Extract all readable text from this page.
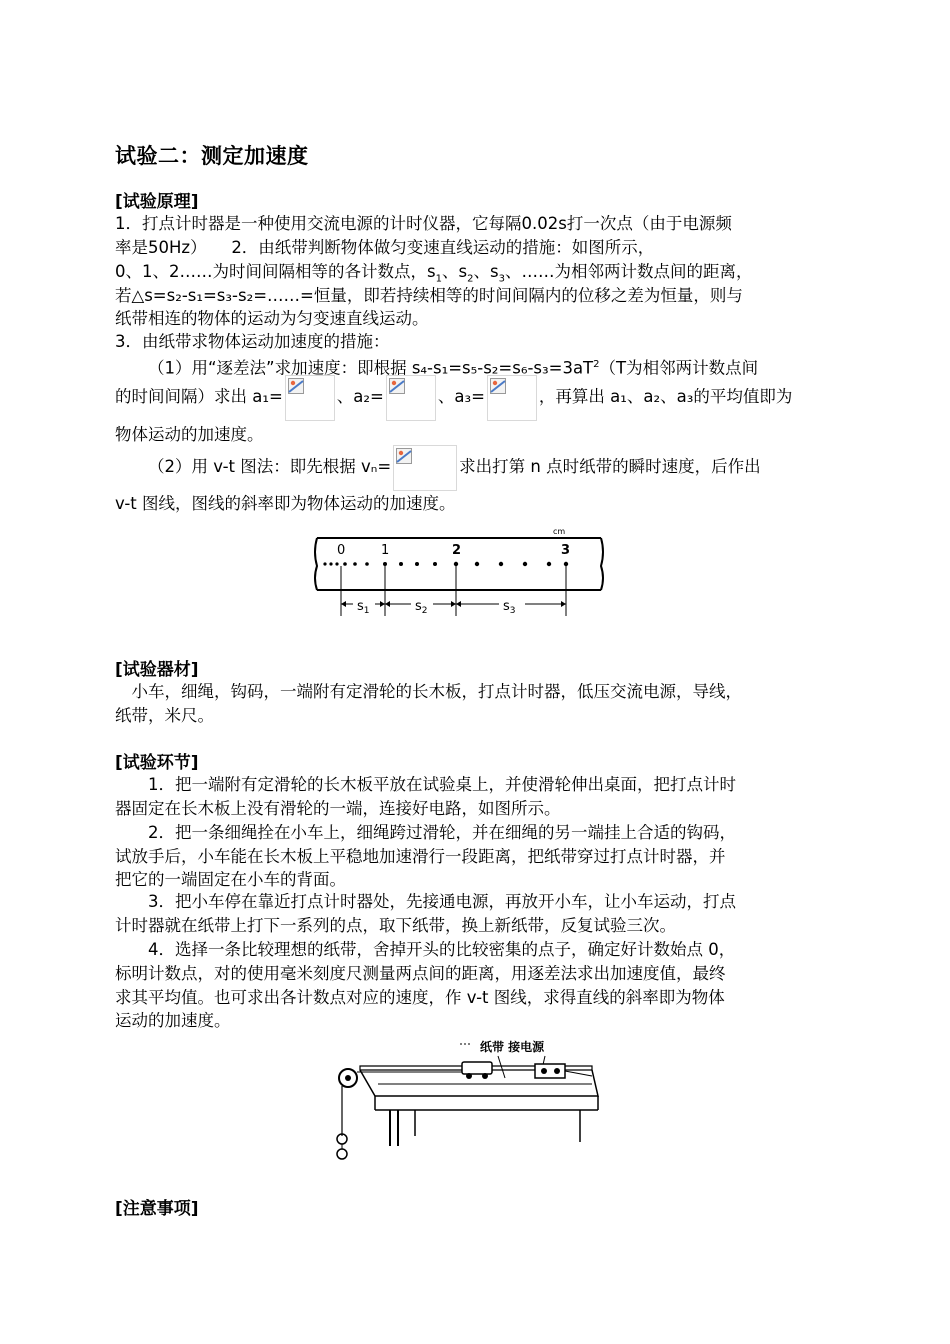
试验二：测定加速度
[试验原理]
1．打点计时器是一种使用交流电源的计时仪器，它每隔0.02s打一次点（由于电源频
率是50Hz）　　2．由纸带判断物体做匀变速直线运动的措施：如图所示，
0、1、2……为时间间隔相等的各计数点，$s_1$、$s_2$、$s_3$、……为相邻两计数点间的距离，
若△s=s₂-s₁=s₃-s₂=……=恒量，即若持续相等的时间间隔内的位移之差为恒量，则与
纸带相连的物体的运动为匀变速直线运动。
3．由纸带求物体运动加速度的措施：
（1）用“逐差法”求加速度：即根据 $s_4-s_1=s_5-s_2=s_6-s_3=3aT^2(T$为相邻两计数点间
的时间间隔）求出 a₁=	、a₂=	、a₃=	，再算出 a₁、a₂、a₃的平均值即为
物体运动的加速度。
（2）用 v-t 图法：即先根据 vₙ=	求出打第 n 点时纸带的瞬时速度，后作出
v-t 图线，图线的斜率即为物体运动的加速度。
0	1	2	3
cm
$s_1$	$s_2$	$s_3$
[试验器材]
　小车，细绳，钩码，一端附有定滑轮的长木板，打点计时器，低压交流电源，导线，
纸带，米尺。
[试验环节]
1．把一端附有定滑轮的长木板平放在试验桌上，并使滑轮伸出桌面，把打点计时
器固定在长木板上没有滑轮的一端，连接好电路，如图所示。
2．把一条细绳拴在小车上，细绳跨过滑轮，并在细绳的另一端挂上合适的钩码，
试放手后，小车能在长木板上平稳地加速滑行一段距离，把纸带穿过打点计时器，并
把它的一端固定在小车的背面。
3．把小车停在靠近打点计时器处，先接通电源，再放开小车，让小车运动，打点
计时器就在纸带上打下一系列的点，取下纸带，换上新纸带，反复试验三次。
4．选择一条比较理想的纸带，舍掉开头的比较密集的点子，确定好计数始点 0，
标明计数点，对的使用毫米刻度尺测量两点间的距离，用逐差法求出加速度值，最终
求其平均值。也可求出各计数点对应的速度，作 v-t 图线，求得直线的斜率即为物体
运动的加速度。
纸带 接电源
[注意事项]
